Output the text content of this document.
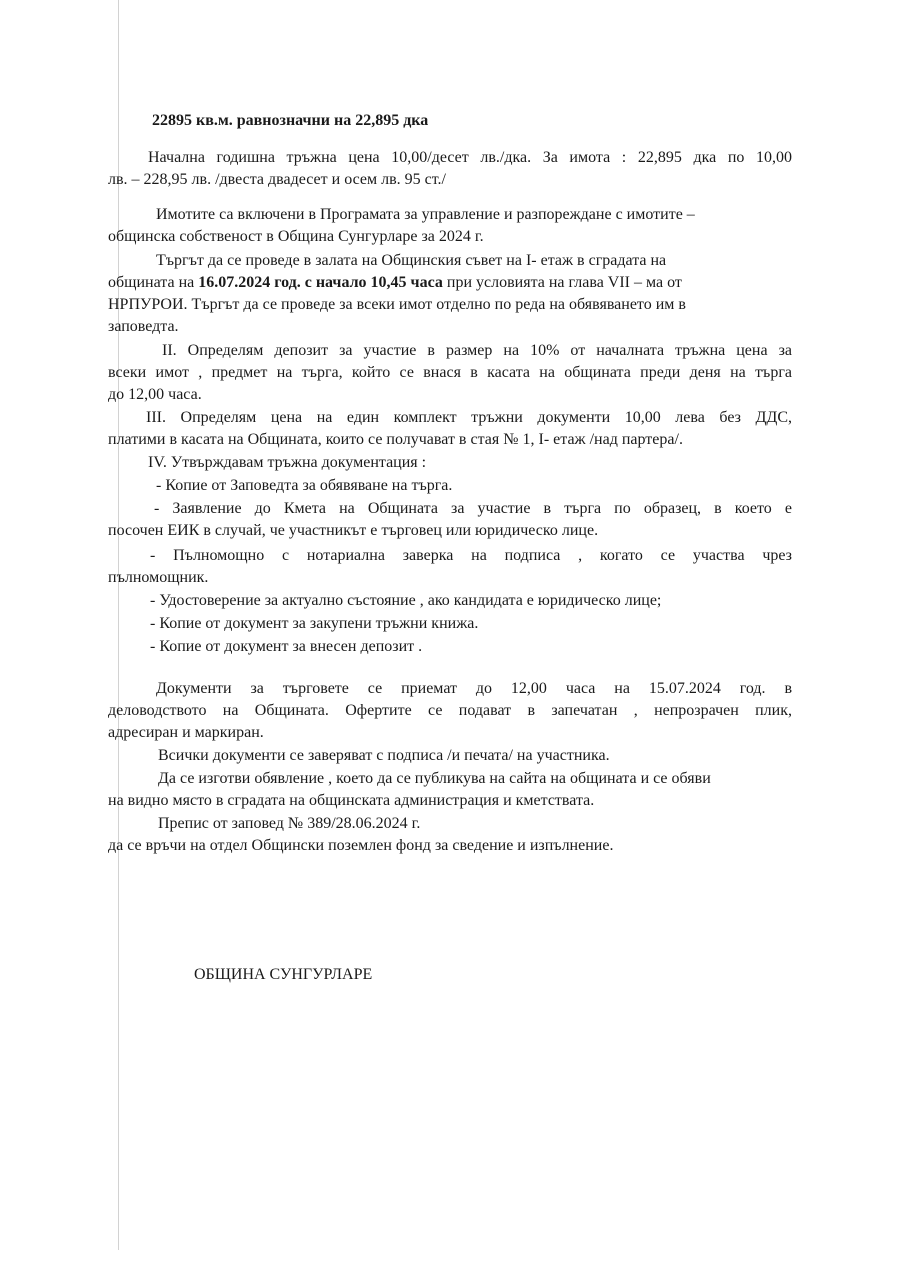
22895 кв.м. равнозначни на 22,895 дка
Начална годишна тръжна цена 10,00/десет лв./дка. За имота : 22,895 дка по 10,00
лв. – 228,95 лв. /двеста двадесет и осем лв. 95 ст./
Имотите са включени в Програмата за управление и разпореждане с имотите –
общинска собственост в Община Сунгурларе за 2024 г.
Търгът да се проведе в залата на Общинския съвет на I- етаж в сградата на
общината на 16.07.2024 год. с начало 10,45 часа при условията на глава VII – ма от
НРПУРОИ. Търгът да се проведе за всеки имот отделно по реда на обявяването им в
заповедта.
II. Определям депозит за участие в размер на 10% от началната тръжна цена за
всеки имот , предмет на търга, който се внася в касата на общината преди деня на търга
до 12,00 часа.
III. Определям цена на един комплект тръжни документи 10,00 лева без ДДС,
платими в касата на Общината, които се получават в стая № 1, I- етаж /над партера/.
IV. Утвърждавам тръжна документация :
- Копие от Заповедта за обявяване на търга.
- Заявление до Кмета на Общината за участие в търга по образец, в което е
посочен ЕИК в случай, че участникът е търговец или юридическо лице.
- Пълномощно с нотариална заверка на подписа , когато се участва чрез
пълномощник.
- Удостоверение за актуално състояние , ако кандидата е юридическо лице;
- Копие от документ за закупени тръжни книжа.
- Копие от документ за внесен депозит .
Документи за търговете се приемат до 12,00 часа на 15.07.2024 год. в
деловодството на Общината. Офертите се подават в запечатан , непрозрачен плик,
адресиран и маркиран.
Всички документи се заверяват с подписа /и печата/ на участника.
Да се изготви обявление , което да се публикува на сайта на общината и се обяви
на видно място в сградата на общинската администрация и кметствата.
Препис от заповед № 389/28.06.2024 г.
да се връчи на отдел Общински поземлен фонд за сведение и изпълнение.
ОБЩИНА СУНГУРЛАРЕ
